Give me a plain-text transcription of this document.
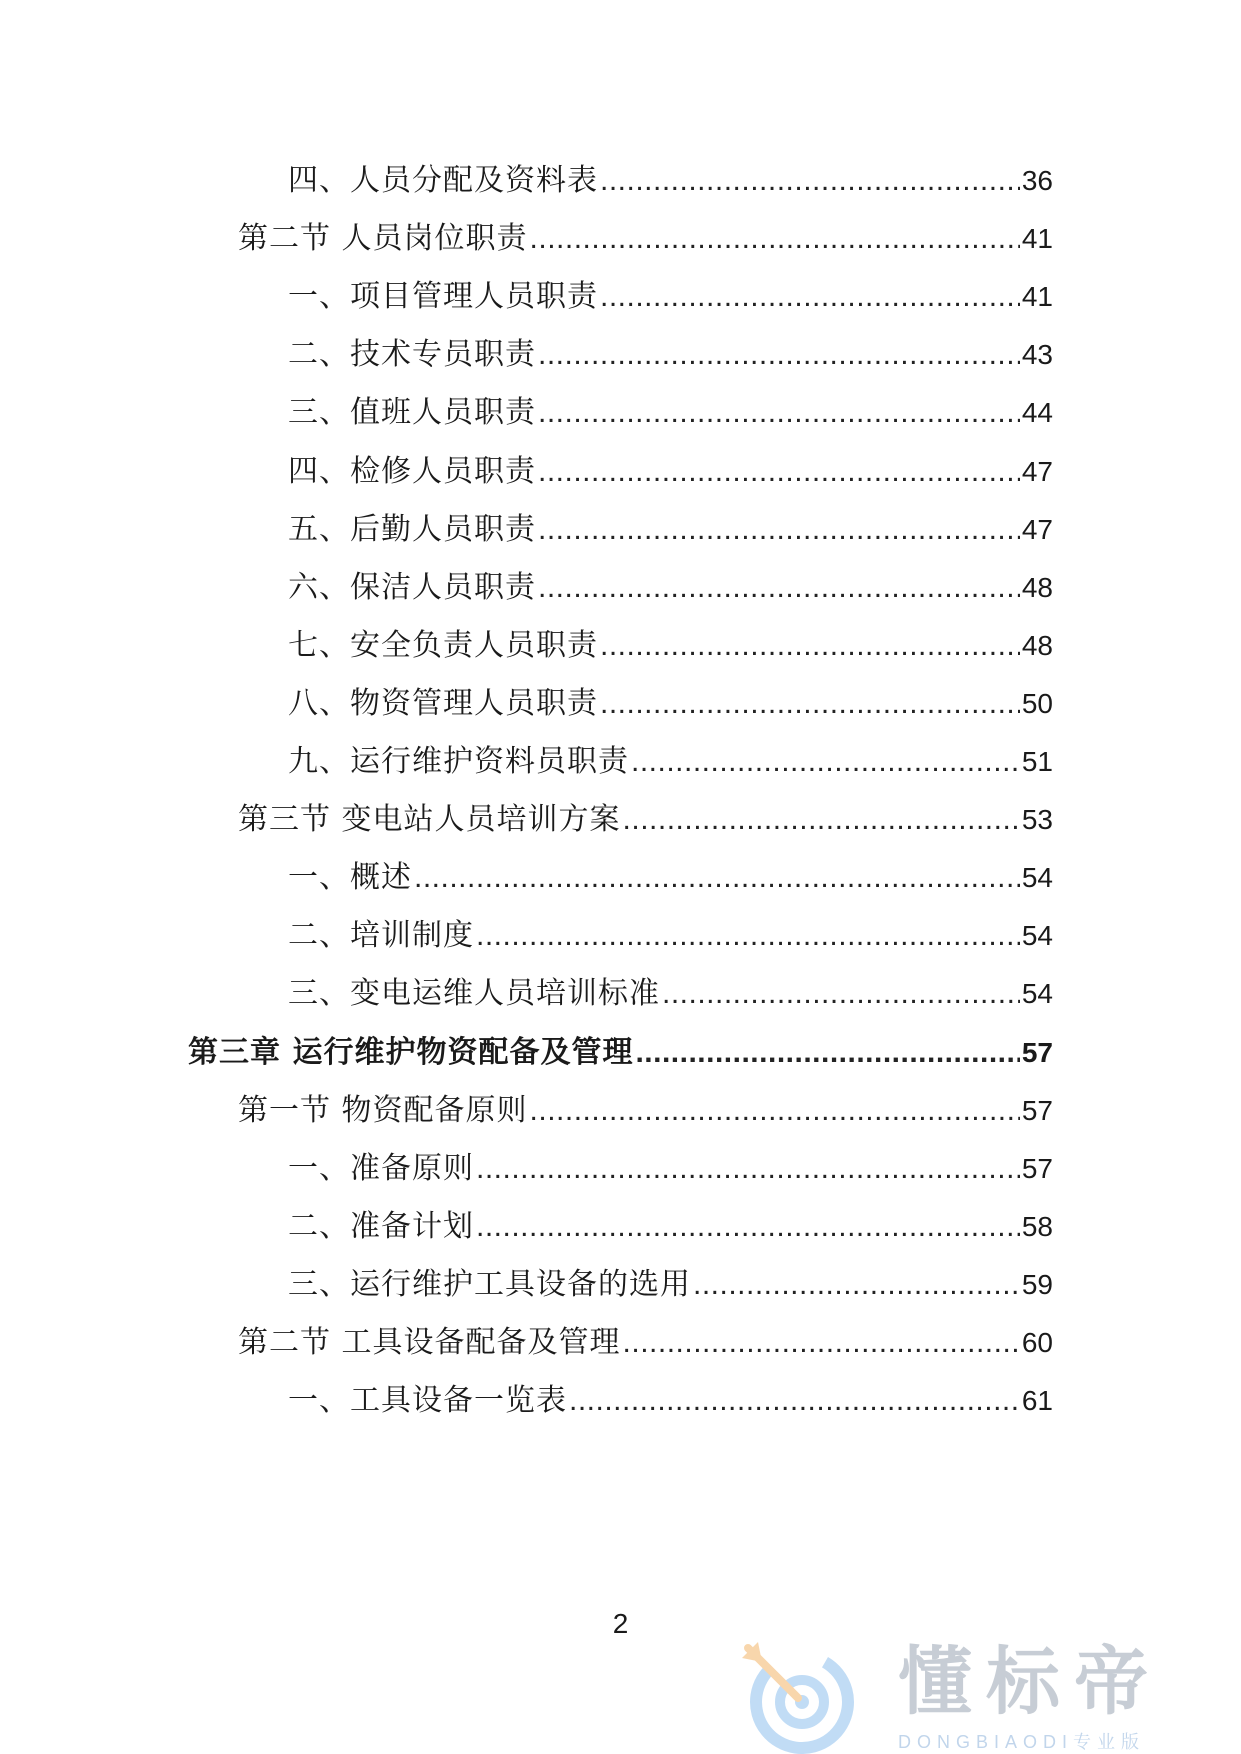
四、人员分配及资料表 .....	36
第二节 人员岗位职责 .....	41
一、项目管理人员职责 .....	41
二、技术专员职责 .....	43
三、值班人员职责 .....	44
四、检修人员职责 .....	47
五、后勤人员职责 .....	47
六、保洁人员职责 .....	48
七、安全负责人员职责 .....	48
八、物资管理人员职责 .....	50
九、运行维护资料员职责 .....	51
第三节 变电站人员培训方案 .....	53
一、概述 .....	54
二、培训制度 .....	54
三、变电运维人员培训标准 .....	54
第三章 运行维护物资配备及管理 .....	57
第一节 物资配备原则 .....	57
一、准备原则 .....	57
二、准备计划 .....	58
三、运行维护工具设备的选用 .....	59
第二节 工具设备配备及管理 .....	60
一、工具设备一览表 .....	61
2
懂标帝
DONGBIAODI专业版
